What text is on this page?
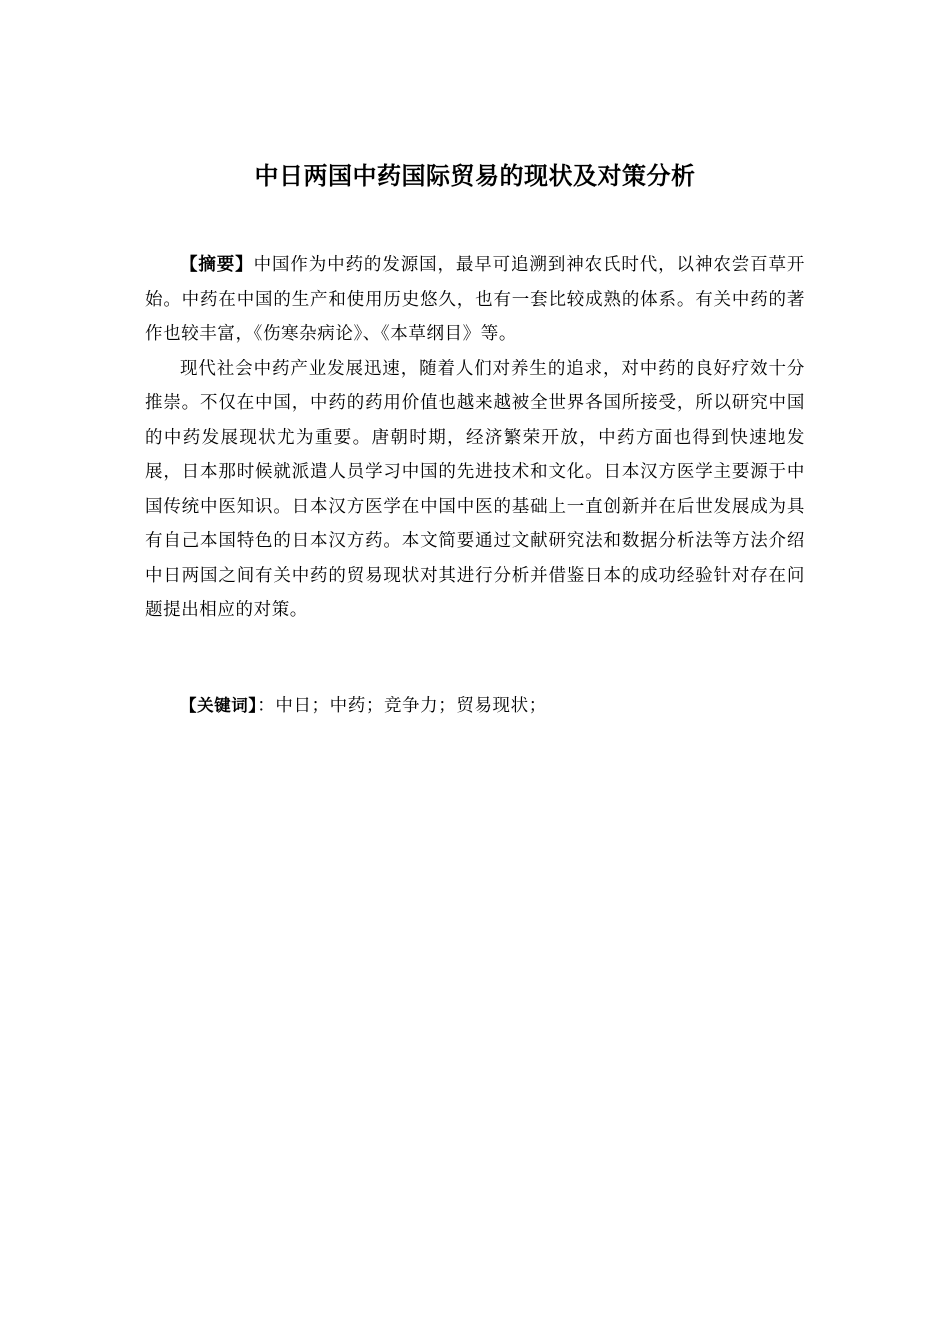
中日两国中药国际贸易的现状及对策分析

【摘要】中国作为中药的发源国，最早可追溯到神农氏时代，以神农尝百草开始。中药在中国的生产和使用历史悠久，也有一套比较成熟的体系。有关中药的著作也较丰富，《伤寒杂病论》、《本草纲目》等。

现代社会中药产业发展迅速，随着人们对养生的追求，对中药的良好疗效十分推崇。不仅在中国，中药的药用价值也越来越被全世界各国所接受，所以研究中国的中药发展现状尤为重要。唐朝时期，经济繁荣开放，中药方面也得到快速地发展，日本那时候就派遣人员学习中国的先进技术和文化。日本汉方医学主要源于中国传统中医知识。日本汉方医学在中国中医的基础上一直创新并在后世发展成为具有自己本国特色的日本汉方药。本文简要通过文献研究法和数据分析法等方法介绍中日两国之间有关中药的贸易现状对其进行分析并借鉴日本的成功经验针对存在问题提出相应的对策。

【关键词】：中日；中药；竞争力；贸易现状；
